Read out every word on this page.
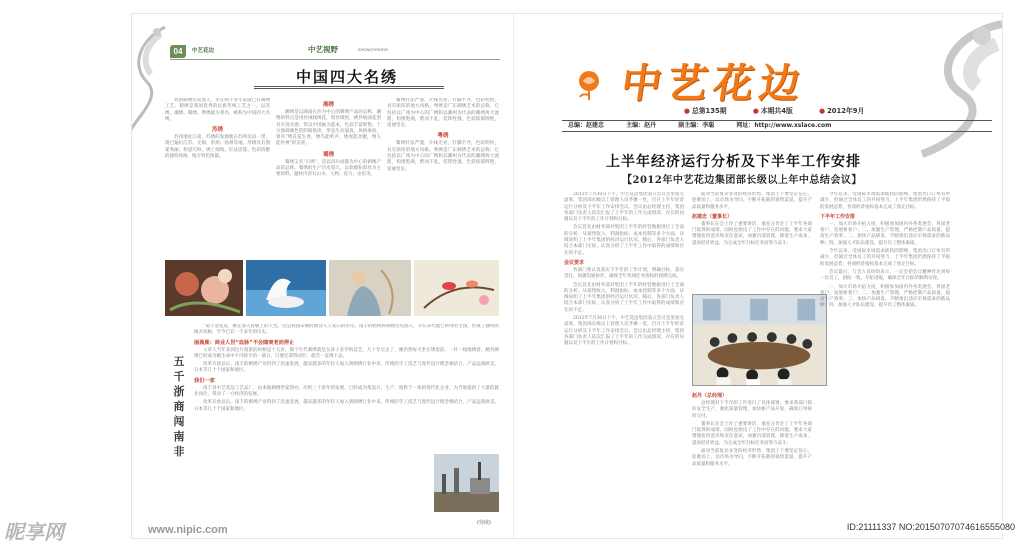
04	中艺花边	中艺视野	ZHONGYISHIYE
中国四大名绣

我国刺绣历史悠久，早在两千多年前就已有刺绣工艺。刺绣是我国优秀的民族传统工艺之一，以苏绣、湘绣、蜀绣、粤绣最为著名，被称为中国四大名绣。

苏绣

苏州地处江南，苏绣的发源地在苏州吴县一带，现已遍衍江苏、无锡、常州、扬州等地。苏绣具有图案秀丽、构思巧妙、绣工细致、针法活泼、色彩清雅的独特风格，地方特色浓郁。

湘绣

湘绣是以湖南长沙为中心的刺绣产品的总称。湘绣的特点是用丝绒线绣花，劈丝细致，绣件绒面花型具有真实感，常以中国画为蓝本，色彩丰富鲜艳，十分强调颜色的阴阳浓淡，形态生动逼真，风格豪放，曾有“绣花花生香，绣鸟能听声，绣虎能奔跑，绣人能传神”的美誉。

蜀绣

蜀绣又名“川绣”，是以四川成都为中心的刺绣产品的总称。蜀绣的生产历史悠久，以软缎和彩丝为主要原料，题材内容有山水、人物、花鸟、虫鱼等。

蜀绣针法严谨，片线光亮，针脚平齐，色彩明快，具有浓厚的地方风格。粤绣是广东刺绣艺术的总称，它包括以广州为中心的广绣和以潮州为代表的潮绣两大流派，构图饱满，繁而不乱，装饰性强，色彩浓郁鲜艳，富丽堂皇。

粤绣

蜀绣针法严谨，片线光亮，针脚平齐，色彩明快，具有浓厚的地方风格。粤绣是广东刺绣艺术的总称，它包括以广州为中心的广绣和以潮州为代表的潮绣两大流派，构图饱满，繁而不乱，装饰性强，色彩浓郁鲜艳，富丽堂皇。

五千浙商闯南非

“南丰金花发，聚在深入智敏上的天堂。”这是我国宋朝时期诗人王安石的名句。南丰的纺织和刺绣历史悠久，早在宋代就已经闻名全国，形成了独特的地方风格，至今已有一千多年的历史。

丽鹿鹿：商业人世“血脉”不会随衰老而停止

父辈人当年来到这片商旅的时候是十五岁，那个年代刺绣就是女孩子必学的技艺。几十年过去了，她仍然每天坐在绣架前，一针一线地绣着，她说刺绣已经成为她生命中不可缺少的一部分，只要还拿得动针，就会一直绣下去。

改革开放以后，南丰的刺绣产业得到了迅速发展，越来越多的年轻人加入到刺绣行业中来，传统的手工技艺与现代设计理念相结合，产品远销欧美、日本等几十个国家和地区。

我们一家

南丰县中艺花边工艺品厂，由本地刺绣世家创办，历经三十余年的发展，已经成为集设计、生产、销售于一体的现代化企业，为当地提供了大量的就业岗位，带动了一方经济的发展。

改革开放以后，南丰的刺绣产业得到了迅速发展，越来越多的年轻人加入到刺绣行业中来，传统的手工技艺与现代设计理念相结合，产品远销欧美、日本等几十个国家和地区。

(待续)
中艺花边
● 总第135期	● 本期共4版	● 2012年9月
总编：赵建忠	主编：赵丹	副主编：李聪	网址：http://www.xslace.com
上半年经济运行分析及下半年工作安排
【2012年中艺花边集团部长级以上年中总结会议】

2012年7月30日下午，中艺花边集团第五会议室里座无虚席，集团部长级以上管理人员齐聚一堂，召开上半年经济运行分析及下半年工作安排会议。会议由总经理主持，集团各部门负责人依次汇报了上半年的工作完成情况、存在的问题以及下半年的工作计划和目标。

会议首先由财务部对集团上半年的经营数据进行了全面的分析，从销售收入、利润指标、成本控制等多个方面，详细说明了上半年集团的经济运行状况。随后，各部门负责人结合本部门实际，认真分析了上半年工作中取得的成绩和存在的不足。

会议要求

各部门要认真落实下半年的工作计划，明确目标，落实责任，加强沟通协作，确保全年各项任务指标的圆满完成。

会议首先由财务部对集团上半年的经营数据进行了全面的分析，从销售收入、利润指标、成本控制等多个方面，详细说明了上半年集团的经济运行状况。随后，各部门负责人结合本部门实际，认真分析了上半年工作中取得的成绩和存在的不足。

2012年7月30日下午，中艺花边集团第五会议室里座无虚席，集团部长级以上管理人员齐聚一堂，召开上半年经济运行分析及下半年工作安排会议。会议由总经理主持，集团各部门负责人依次汇报了上半年的工作完成情况、存在的问题以及下半年的工作计划和目标。

面对当前复杂多变的经济形势，集团上下要坚定信心，迎难而上，以市场为导向，不断开拓新的销售渠道，提升产品质量和服务水平。

赵建忠（董事长）

董事长在会上作了重要讲话，他充分肯定了上半年各部门取得的成绩，同时也指出了工作中存在的问题，要求大家增强危机意识和责任意识，加强内部管理，降低生产成本，提高经济效益，为完成全年目标任务而努力奋斗。

赵丹（总经理）

总经理对下半年的工作进行了具体部署，要求各部门抓好安全生产，强化质量管理，加快新产品开发，确保订单按时交付。

董事长在会上作了重要讲话，他充分肯定了上半年各部门取得的成绩，同时也指出了工作中存在的问题，要求大家增强危机意识和责任意识，加强内部管理，降低生产成本，提高经济效益，为完成全年目标任务而努力奋斗。

面对当前复杂多变的经济形势，集团上下要坚定信心，迎难而上，以市场为导向，不断开拓新的销售渠道，提升产品质量和服务水平。

今年以来，受国际市场需求疲软的影响，集团出口订单有所减少，但通过全体员工的共同努力，上半年集团仍然保持了平稳的发展态势，各项经济指标基本完成了预定目标。

下半年工作安排

一、加大市场开拓力度，积极参加国内外各类展会，巩固老客户，发展新客户；二、加强生产管理，严格控制产品质量，提高生产效率；三、加快产品研发，不断推出适应市场需求的新品种；四、加强人才队伍建设，提升员工整体素质。

今年以来，受国际市场需求疲软的影响，集团出口订单有所减少，但通过全体员工的共同努力，上半年集团仍然保持了平稳的发展态势，各项经济指标基本完成了预定目标。

会议最后，与会人员纷纷表示，一定会把会议精神传达到每一位员工，团结一致，开拓进取，确保全年目标的顺利实现。

一、加大市场开拓力度，积极参加国内外各类展会，巩固老客户，发展新客户；二、加强生产管理，严格控制产品质量，提高生产效率；三、加快产品研发，不断推出适应市场需求的新品种；四、加强人才队伍建设，提升员工整体素质。

昵享网	www.nipic.com	ID:21111337 NO:20150707074616555080
